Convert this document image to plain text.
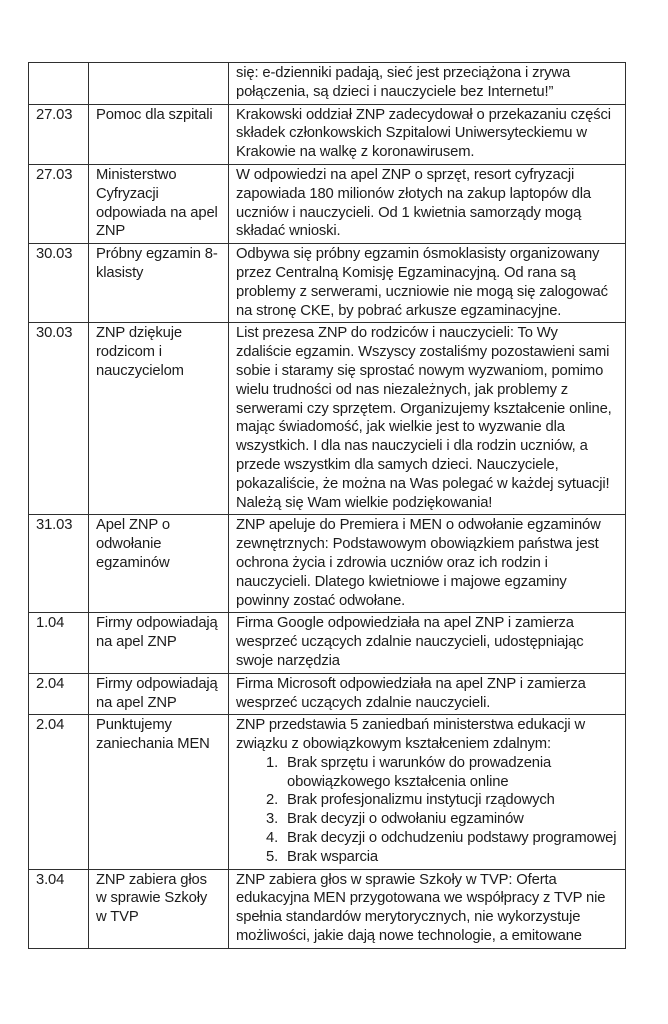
		się: e-dzienniki padają, sieć jest przeciążona i zrywa połączenia, są dzieci i nauczyciele bez Internetu!”
27.03	Pomoc dla szpitali	Krakowski oddział ZNP zadecydował o przekazaniu części składek członkowskich Szpitalowi Uniwersyteckiemu w Krakowie na walkę z koronawirusem.
27.03	Ministerstwo Cyfryzacji odpowiada na apel ZNP	W odpowiedzi na apel ZNP o sprzęt, resort cyfryzacji zapowiada 180 milionów złotych na zakup laptopów dla uczniów i nauczycieli. Od 1 kwietnia samorządy mogą składać wnioski.
30.03	Próbny egzamin 8-klasisty	Odbywa się próbny egzamin ósmoklasisty organizowany przez Centralną Komisję Egzaminacyjną. Od rana są problemy z serwerami, uczniowie nie mogą się zalogować na stronę CKE, by pobrać arkusze egzaminacyjne.
30.03	ZNP dziękuje rodzicom i nauczycielom	List prezesa ZNP do rodziców i nauczycieli: To Wy zdaliście egzamin. Wszyscy zostaliśmy pozostawieni sami sobie i staramy się sprostać nowym wyzwaniom, pomimo wielu trudności od nas niezależnych, jak problemy z serwerami czy sprzętem. Organizujemy kształcenie online, mając świadomość, jak wielkie jest to wyzwanie dla wszystkich. I dla nas nauczycieli i dla rodzin uczniów, a przede wszystkim dla samych dzieci. Nauczyciele, pokazaliście, że można na Was polegać w każdej sytuacji! Należą się Wam wielkie podziękowania!
31.03	Apel ZNP o odwołanie egzaminów	ZNP apeluje do Premiera i MEN o odwołanie egzaminów zewnętrznych: Podstawowym obowiązkiem państwa jest ochrona życia i zdrowia uczniów oraz ich rodzin i nauczycieli. Dlatego kwietniowe i majowe egzaminy powinny zostać odwołane.
1.04	Firmy odpowiadają na apel ZNP	Firma Google odpowiedziała na apel ZNP i zamierza wesprzeć uczących zdalnie nauczycieli, udostępniając swoje narzędzia
2.04	Firmy odpowiadają na apel ZNP	Firma Microsoft odpowiedziała na apel ZNP i zamierza wesprzeć uczących zdalnie nauczycieli.
2.04	Punktujemy zaniechania MEN	ZNP przedstawia 5 zaniedbań ministerstwa edukacji w związku z obowiązkowym kształceniem zdalnym:
1. Brak sprzętu i warunków do prowadzenia obowiązkowego kształcenia online
2. Brak profesjonalizmu instytucji rządowych
3. Brak decyzji o odwołaniu egzaminów
4. Brak decyzji o odchudzeniu podstawy programowej
5. Brak wsparcia

3.04	ZNP zabiera głos w sprawie Szkoły w TVP	ZNP zabiera głos w sprawie Szkoły w TVP: Oferta edukacyjna MEN przygotowana we współpracy z TVP nie spełnia standardów merytorycznych, nie wykorzystuje możliwości, jakie dają nowe technologie, a emitowane
